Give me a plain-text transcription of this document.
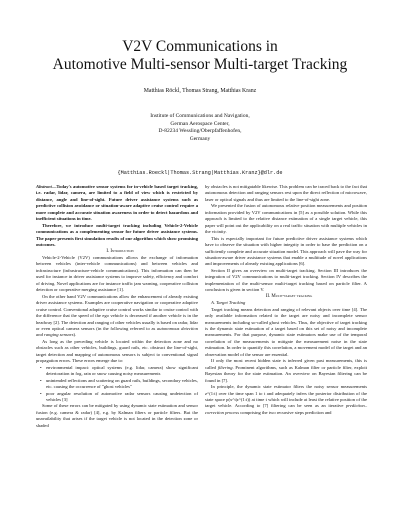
V2V Communications in
Automotive Multi-sensor Multi-target Tracking
Matthias Röckl, Thomas Strang, Matthias Kranz
Institute of Communications and Navigation,
German Aerospace Center,
D-82234 Wessling/Oberpfaffenhofen,
Germany
{Matthias.Roeckl|Thomas.Strang|Matthias.Kranz}@dlr.de

Abstract—Today's automotive sensor systems for in-vehicle based target tracking, i.e. radar, lidar, camera, are limited to a field of view which is restricted by distance, angle and line-of-sight. Future driver assistance systems such as predictive collision avoidance or situation-aware adaptive cruise control require a more complete and accurate situation awareness in order to detect hazardous and inefficient situations in time.

Therefore, we introduce multi-target tracking including Vehicle-2-Vehicle communications as a complementing sensor for future driver assistance systems. The paper presents first simulation results of our algorithm which show promising outcomes.

I. Introduction

Vehicle-2-Vehicle (V2V) communications allows the exchange of information between vehicles (inter-vehicle communications) and between vehicles and infrastructure (infrastructure-vehicle communications). This information can then be used for instance in driver assistance systems to improve safety, efficiency and comfort of driving. Novel applications are for instance traffic jam warning, cooperative collision detection or cooperative merging assistance [1].

On the other hand V2V communications allow the enhancement of already existing driver assistance systems. Examples are cooperative navigation or cooperative adaptive cruise control. Conventional adaptive cruise control works similar to cruise control with the difference that the speed of the ego vehicle is decreased if another vehicle is in the headway [2]. The detection and ranging of other vehicles usually is based on radar, lidar or even optical camera sensors (in the following referred to as autonomous detection and ranging sensors).

As long as the preceding vehicle is located within the detection zone and no obstacles such as other vehicles, buildings, guard rails, etc. obstruct the line-of-sight, target detection and mapping of autonomous sensors is subject to conventional signal propagation errors. These errors emerge due to:

• environmental impact: optical systems (e.g. lidar, camera) show significant deterioration in fog, rain or snow causing noisy measurements
• unintended reflections and scattering on guard rails, buildings, secondary vehicles, etc. causing the occurrence of "ghost vehicles"
• poor angular resolution of automotive radar sensors causing undetection of vehicles [3]

Some of these errors can be mitigated by using dynamic state estimation and sensor fusion (e.g. camera & radar) [4], e.g. by Kalman filters or particle filters. But the unavailability that arises if the target vehicle is not located in the detection zone or shaded

by obstacles is not mitigatable likewise. This problem can be traced back to the fact that autonomous detection and ranging sensors rest upon the direct reflection of microwave, laser or optical signals and thus are limited to the line-of-sight zone.

We presented the fusion of autonomous relative position measurements and position information provided by V2V communications in [5] as a possible solution. While this approach is limited to the relative distance estimation of a single target vehicle, this paper will point out the applicability on a real traffic situation with multiple vehicles in the vicinity.

This is especially important for future predictive driver assistance systems which have to observe the situation with higher integrity in order to base the prediction on a sufficiently complete and accurate situation model. This approach will pave the way for situation-aware driver assistance systems that enable a multitude of novel applications and improvements of already existing applications [6].

Section II gives an overview on multi-target tracking. Section III introduces the integration of V2V communications to multi-target tracking. Section IV describes the implementation of the multi-sensor multi-target tracking based on particle filter. A conclusion is given in section V.

II. Multi-target tracking

A. Target Tracking

Target tracking means detection and ranging of relevant objects over time [4]. The only available information related to the target are noisy and incomplete sensor measurements including so-called ghost vehicles. Thus, the objective of target tracking is the dynamic state estimation of a target based on this set of noisy and incomplete measurements. For that purpose, dynamic state estimators make use of the temporal correlation of the measurements to mitigate the measurement noise in the state estimation. In order to quantify this correlation, a movement model of the target and an observation model of the sensor are essential.

If only the most recent hidden state is inferred given past measurements, this is called filtering. Prominent algorithms, such as Kalman filter or particle filter, exploit Bayesian theory for the state estimation. An overview on Bayesian filtering can be found in [7].

In principle, the dynamic state estimator filters the noisy sensor measurements z^(1:t) over the time span 1 to t and adequately infers the posterior distribution of the state space p(x^t|z^(1:t)) at time t which will include at least the relative position of the target vehicle. According to [7] filtering can be seen as an iterative prediction–correction process comprising the two recursive steps prediction and
